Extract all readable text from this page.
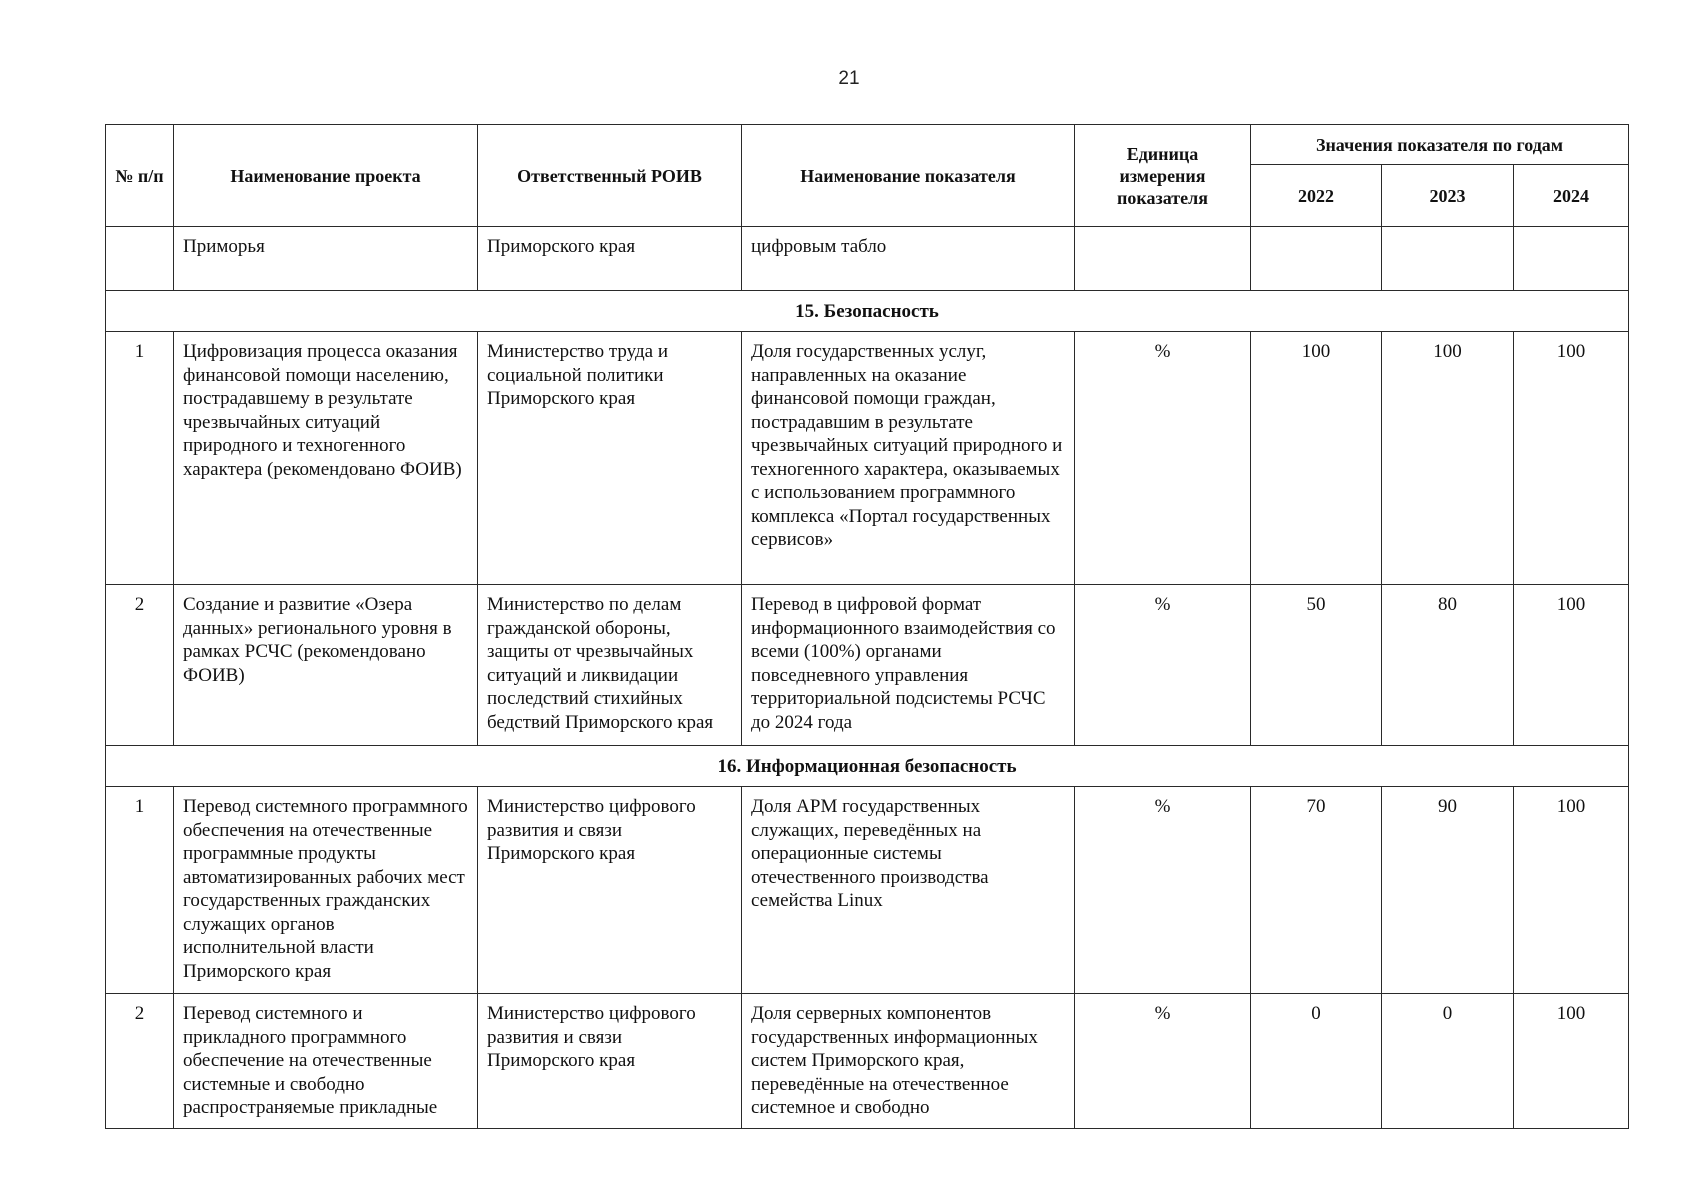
21
№ п/п	Наименование проекта	Ответственный РОИВ	Наименование показателя	Единица измерения показателя	Значения показателя по годам		
					2022	2023	2024
	Приморья	Приморского края	цифровым табло				
15. Безопасность							
1	Цифровизация процесса оказания финансовой помощи населению, пострадавшему в результате чрезвычайных ситуаций природного и техногенного характера (рекомендовано ФОИВ)	Министерство труда и социальной политики Приморского края	Доля государственных услуг, направленных на оказание финансовой помощи граждан, пострадавшим в результате чрезвычайных ситуаций природного и техногенного характера, оказываемых с использованием программного комплекса «Портал государственных сервисов»	%	100	100	100
2	Создание и развитие «Озера данных» регионального уровня в рамках РСЧС (рекомендовано ФОИВ)	Министерство по делам гражданской обороны, защиты от чрезвычайных ситуаций и ликвидации последствий стихийных бедствий Приморского края	Перевод в цифровой формат информационного взаимодействия со всеми (100%) органами повседневного управления территориальной подсистемы РСЧС до 2024 года	%	50	80	100
16. Информационная безопасность							
1	Перевод системного программного обеспечения на отечественные программные продукты автоматизированных рабочих мест государственных гражданских служащих органов исполнительной власти Приморского края	Министерство цифрового развития и связи Приморского края	Доля АРМ государственных служащих, переведённых на операционные системы отечественного производства семейства Linux	%	70	90	100
2	Перевод системного и прикладного программного обеспечение на отечественные системные и свободно распространяемые прикладные	Министерство цифрового развития и связи Приморского края	Доля серверных компонентов государственных информационных систем Приморского края, переведённые на отечественное системное и свободно	%	0	0	100
